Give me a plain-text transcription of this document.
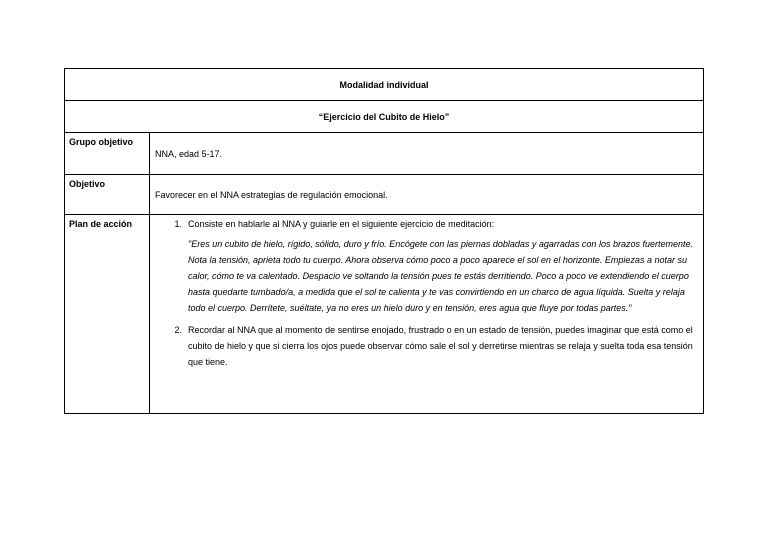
Modalidad individual	
“Ejercicio del Cubito de Hielo”	
Grupo objetivo	NNA, edad 5-17.

Objetivo	Favorecer en el NNA estrategias de regulación emocional.

Plan de acción	1. Consiste en hablarle al NNA y guiarle en el siguiente ejercicio de meditación:
"Eres un cubito de hielo, rígido, sólido, duro y frío. Encógete con las piernas dobladas y agarradas con los brazos fuertemente. Nota la tensión, aprieta todo tu cuerpo. Ahora observa cómo poco a poco aparece el sol en el horizonte. Empiezas a notar su calor, cómo te va calentado. Despacio ve soltando la tensión pues te estás derritiendo. Poco a poco ve extendiendo el cuerpo hasta quedarte tumbado/a, a medida que el sol te calienta y te vas convirtiendo en un charco de agua líquida. Suelta y relaja todo el cuerpo. Derrítete, suéltate, ya no eres un hielo duro y en tensión, eres agua que fluye por todas partes."
2. Recordar al NNA que al momento de sentirse enojado, frustrado o en un estado de tensión, puedes imaginar que está como el cubito de hielo y que si cierra los ojos puede observar cómo sale el sol y derretirse mientras se relaja y suelta toda esa tensión que tiene.
